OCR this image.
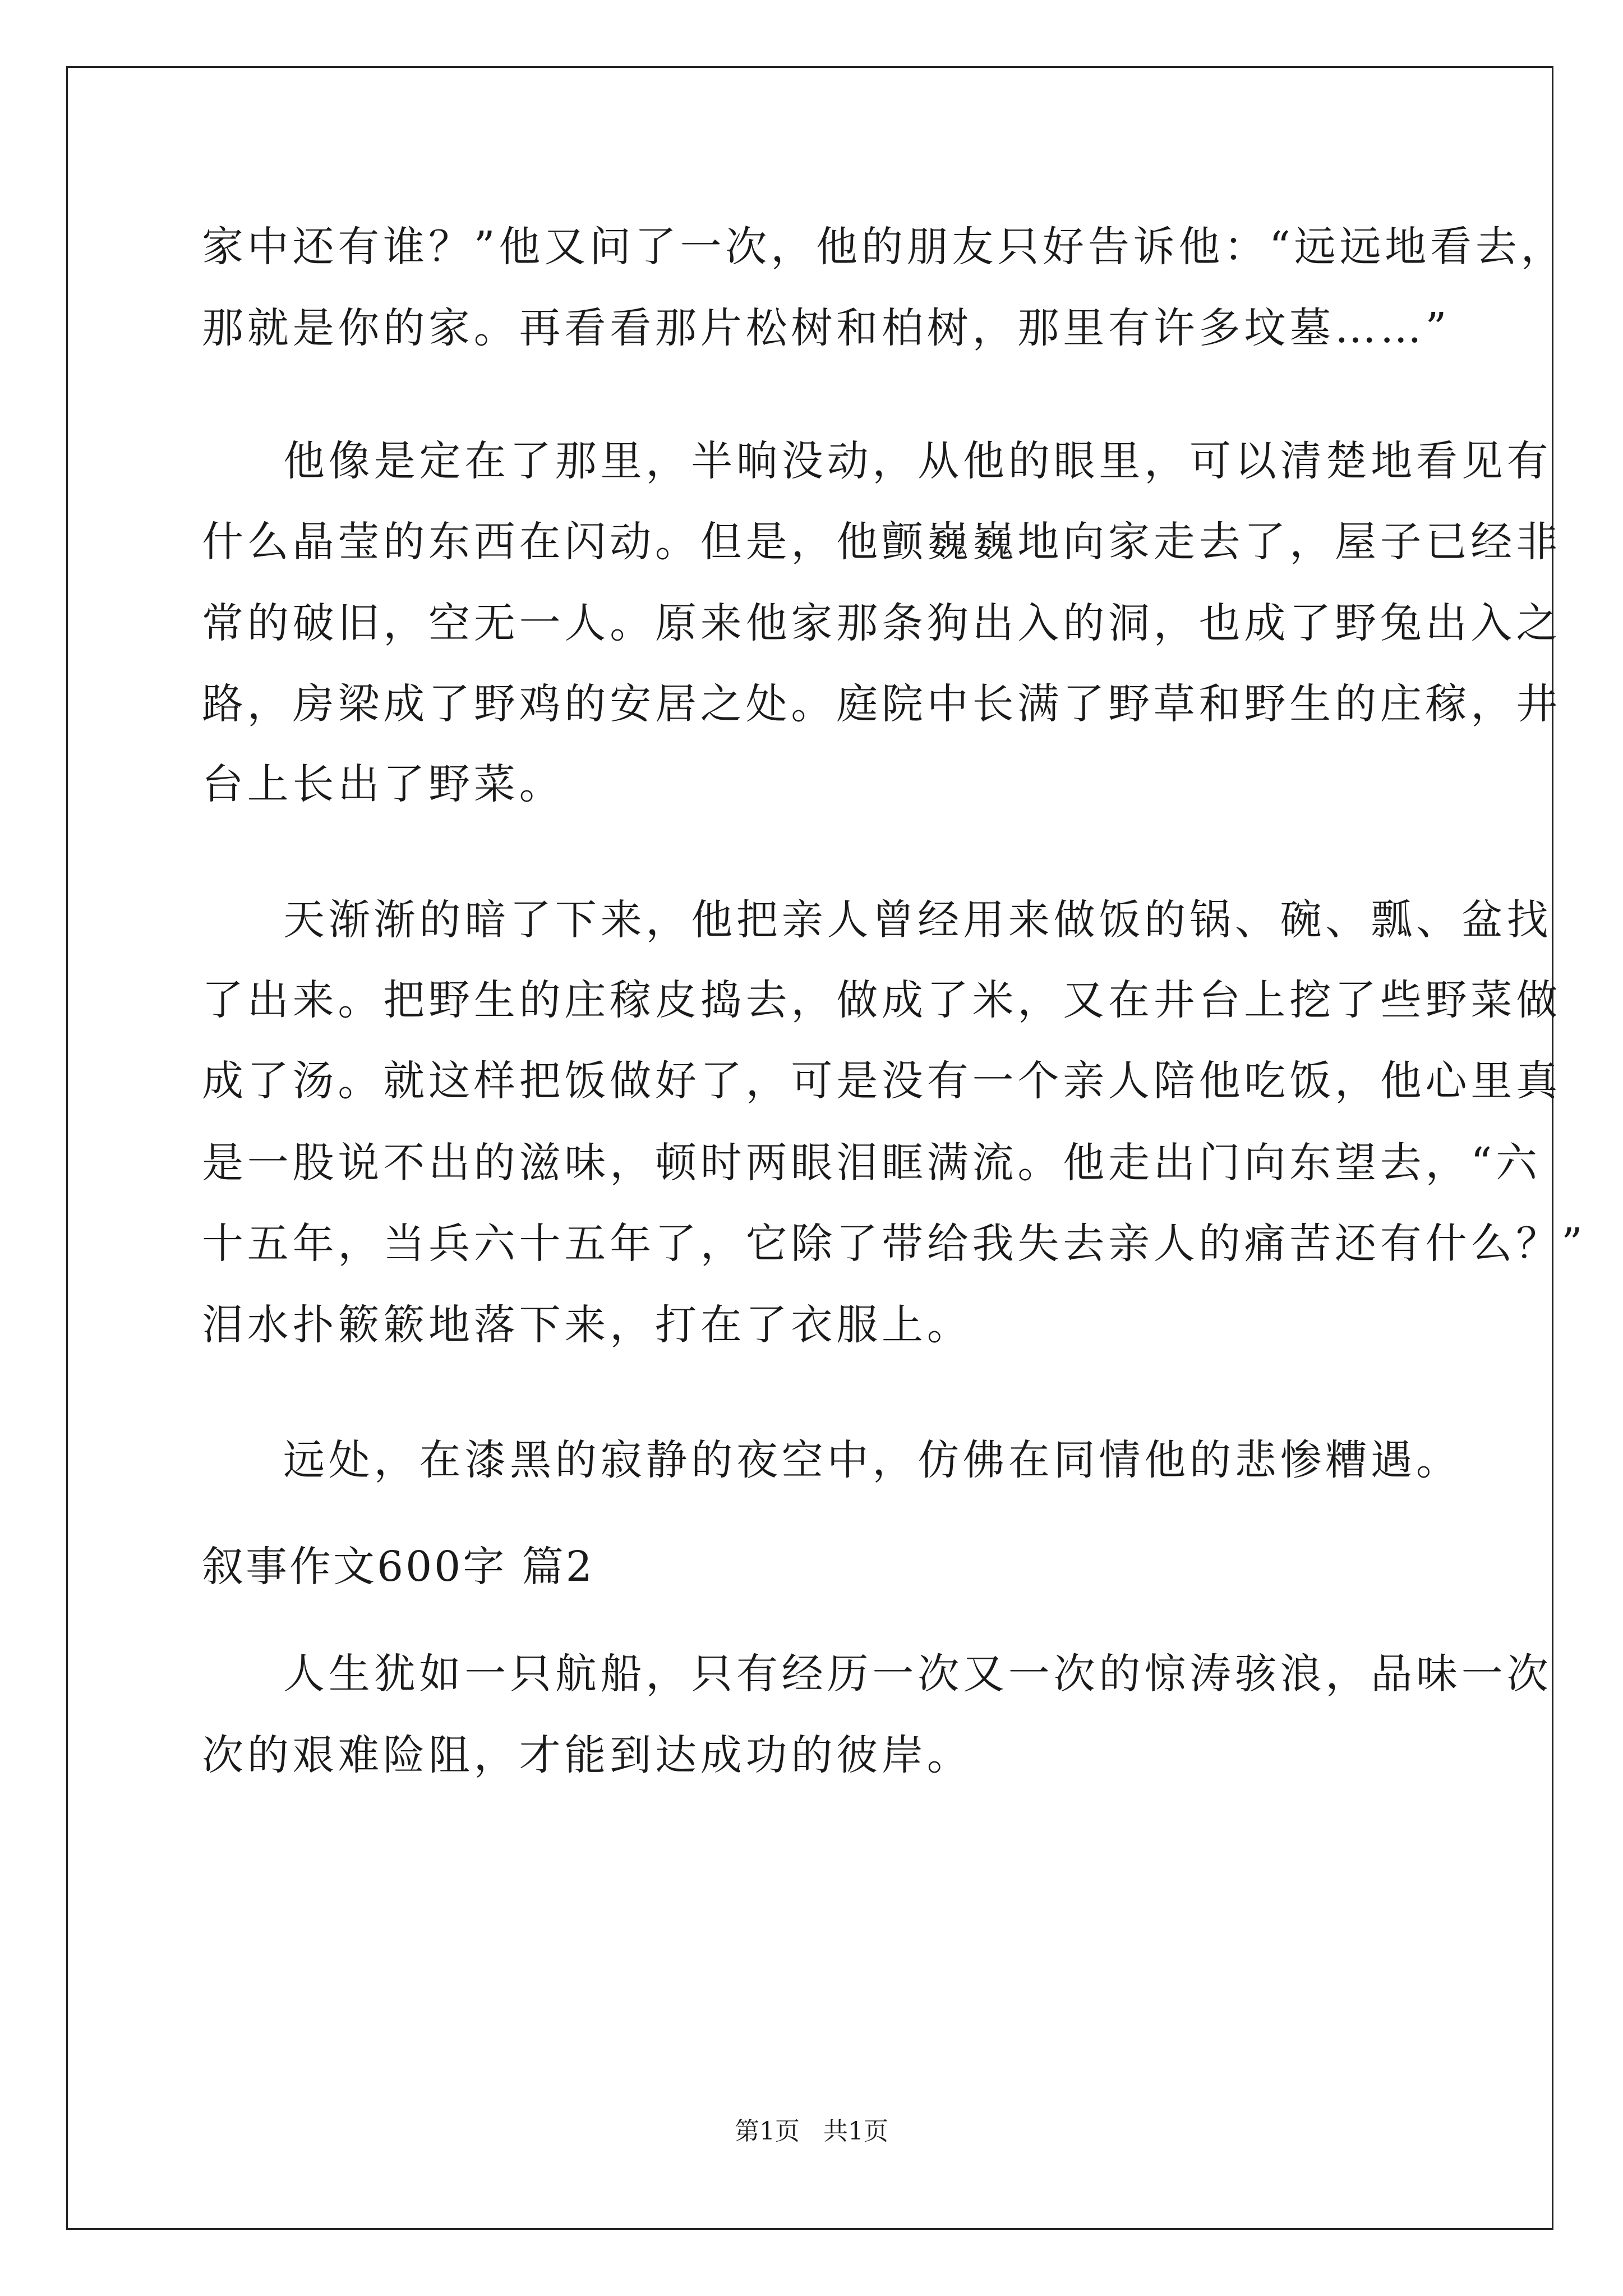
家中还有谁？”他又问了一次，他的朋友只好告诉他：“远远地看去，
那就是你的家。再看看那片松树和柏树，那里有许多坟墓……”
他像是定在了那里，半晌没动，从他的眼里，可以清楚地看见有
什么晶莹的东西在闪动。但是，他颤巍巍地向家走去了，屋子已经非
常的破旧，空无一人。原来他家那条狗出入的洞，也成了野兔出入之
路，房梁成了野鸡的安居之处。庭院中长满了野草和野生的庄稼，井
台上长出了野菜。
天渐渐的暗了下来，他把亲人曾经用来做饭的锅、碗、瓢、盆找
了出来。把野生的庄稼皮捣去，做成了米，又在井台上挖了些野菜做
成了汤。就这样把饭做好了，可是没有一个亲人陪他吃饭，他心里真
是一股说不出的滋味，顿时两眼泪眶满流。他走出门向东望去，“六
十五年，当兵六十五年了，它除了带给我失去亲人的痛苦还有什么？”
泪水扑簌簌地落下来，打在了衣服上。
远处，在漆黑的寂静的夜空中，仿佛在同情他的悲惨糟遇。
叙事作文600字 篇2
人生犹如一只航船，只有经历一次又一次的惊涛骇浪，品味一次
次的艰难险阻，才能到达成功的彼岸。
第1页   共1页
